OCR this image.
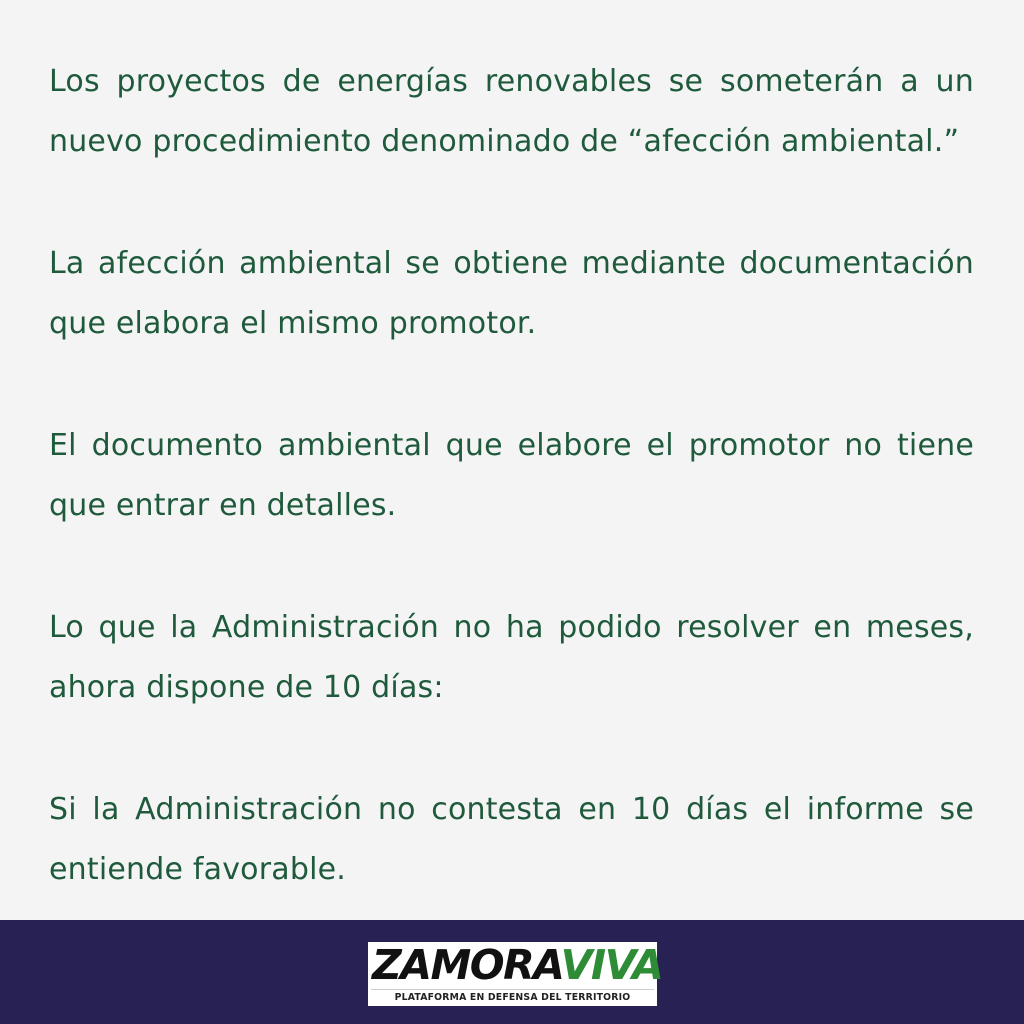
Los proyectos de energías renovables se someterán a un nuevo procedimiento denominado de “afección ambiental.”

La afección ambiental se obtiene mediante documentación que elabora el mismo promotor.

El documento ambiental que elabore el promotor no tiene que entrar en detalles.

Lo que la Administración no ha podido resolver en meses, ahora dispone de 10 días:

Si la Administración no contesta en 10 días el informe se entiende favorable.

ZAMORAVIVA
PLATAFORMA EN DEFENSA DEL TERRITORIO
